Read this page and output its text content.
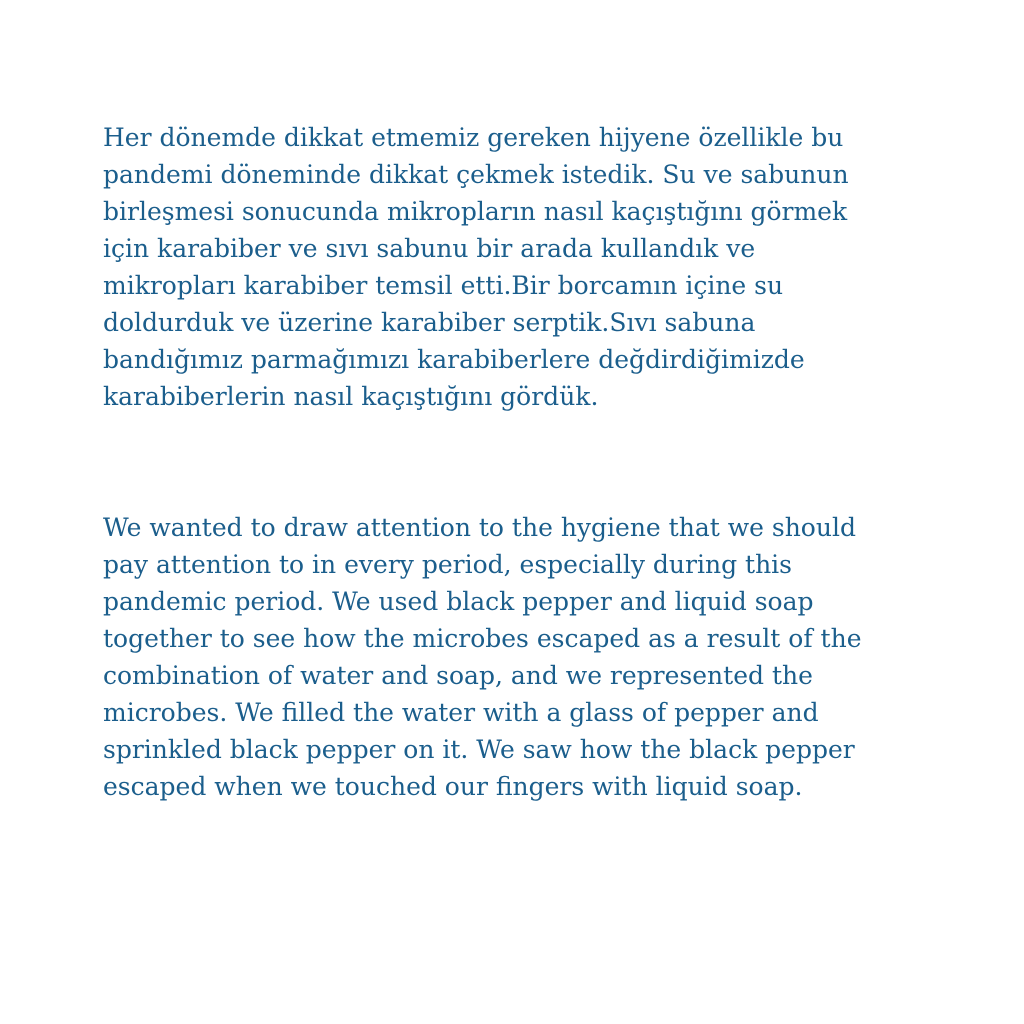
Her dönemde dikkat etmemiz gereken hijyene özellikle bu
pandemi döneminde dikkat çekmek istedik. Su ve sabunun
birleşmesi sonucunda mikropların nasıl kaçıştığını görmek
için karabiber ve sıvı sabunu bir arada kullandık ve
mikropları karabiber temsil etti.Bir borcamın içine su
doldurduk ve üzerine karabiber serptik.Sıvı sabuna
bandığımız parmağımızı karabiberlere değdirdiğimizde
karabiberlerin nasıl kaçıştığını gördük.

We wanted to draw attention to the hygiene that we should
pay attention to in every period, especially during this
pandemic period. We used black pepper and liquid soap
together to see how the microbes escaped as a result of the
combination of water and soap, and we represented the
microbes. We filled the water with a glass of pepper and
sprinkled black pepper on it. We saw how the black pepper
escaped when we touched our fingers with liquid soap.
